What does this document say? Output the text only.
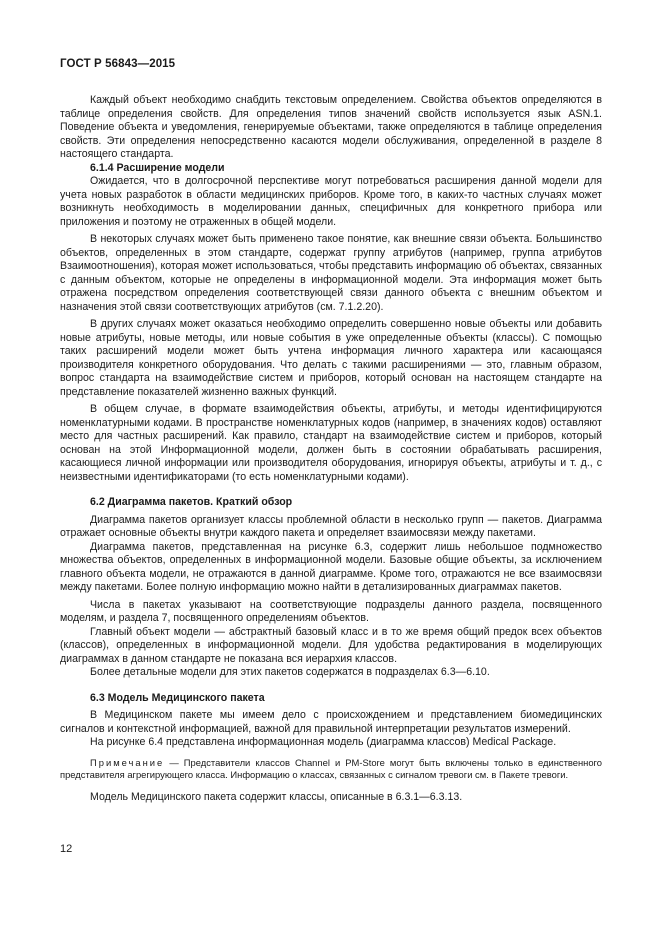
ГОСТ Р 56843—2015

Каждый объект необходимо снабдить текстовым определением. Свойства объектов определяются в таблице определения свойств. Для определения типов значений свойств используется язык ASN.1. Поведение объекта и уведомления, генерируемые объектами, также определяются в таблице определения свойств. Эти определения непосредственно касаются модели обслуживания, определенной в разделе 8 настоящего стандарта.

6.1.4 Расширение модели

Ожидается, что в долгосрочной перспективе могут потребоваться расширения данной модели для учета новых разработок в области медицинских приборов. Кроме того, в каких-то частных случаях может возникнуть необходимость в моделировании данных, специфичных для конкретного прибора или приложения и поэтому не отраженных в общей модели.

В некоторых случаях может быть применено такое понятие, как внешние связи объекта. Большинство объектов, определенных в этом стандарте, содержат группу атрибутов (например, группа атрибутов Взаимоотношения), которая может использоваться, чтобы представить информацию об объектах, связанных с данным объектом, которые не определены в информационной модели. Эта информация может быть отражена посредством определения соответствующей связи данного объекта с внешним объектом и назначения этой связи соответствующих атрибутов (см. 7.1.2.20).

В других случаях может оказаться необходимо определить совершенно новые объекты или добавить новые атрибуты, новые методы, или новые события в уже определенные объекты (классы). С помощью таких расширений модели может быть учтена информация личного характера или касающаяся производителя конкретного оборудования. Что делать с такими расширениями — это, главным образом, вопрос стандарта на взаимодействие систем и приборов, который основан на настоящем стандарте на представление показателей жизненно важных функций.

В общем случае, в формате взаимодействия объекты, атрибуты, и методы идентифицируются номенклатурными кодами. В пространстве номенклатурных кодов (например, в значениях кодов) оставляют место для частных расширений. Как правило, стандарт на взаимодействие систем и приборов, который основан на этой Информационной модели, должен быть в состоянии обрабатывать расширения, касающиеся личной информации или производителя оборудования, игнорируя объекты, атрибуты и т. д., с неизвестными идентификаторами (то есть номенклатурными кодами).

6.2 Диаграмма пакетов. Краткий обзор

Диаграмма пакетов организует классы проблемной области в несколько групп — пакетов. Диаграмма отражает основные объекты внутри каждого пакета и определяет взаимосвязи между пакетами.

Диаграмма пакетов, представленная на рисунке 6.3, содержит лишь небольшое подмножество множества объектов, определенных в информационной модели. Базовые общие объекты, за исключением главного объекта модели, не отражаются в данной диаграмме. Кроме того, отражаются не все взаимосвязи между пакетами. Более полную информацию можно найти в детализированных диаграммах пакетов.

Числа в пакетах указывают на соответствующие подразделы данного раздела, посвященного моделям, и раздела 7, посвященного определениям объектов.

Главный объект модели — абстрактный базовый класс и в то же время общий предок всех объектов (классов), определенных в информационной модели. Для удобства редактирования в моделирующих диаграммах в данном стандарте не показана вся иерархия классов.

Более детальные модели для этих пакетов содержатся в подразделах 6.3—6.10.

6.3 Модель Медицинского пакета

В Медицинском пакете мы имеем дело с происхождением и представлением биомедицинских сигналов и контекстной информацией, важной для правильной интерпретации результатов измерений.

На рисунке 6.4 представлена информационная модель (диаграмма классов) Medical Package.

Примечание — Представители классов Channel и PM-Store могут быть включены только в единственного представителя агрегирующего класса. Информацию о классах, связанных с сигналом тревоги см. в Пакете тревоги.

Модель Медицинского пакета содержит классы, описанные в 6.3.1—6.3.13.

12
